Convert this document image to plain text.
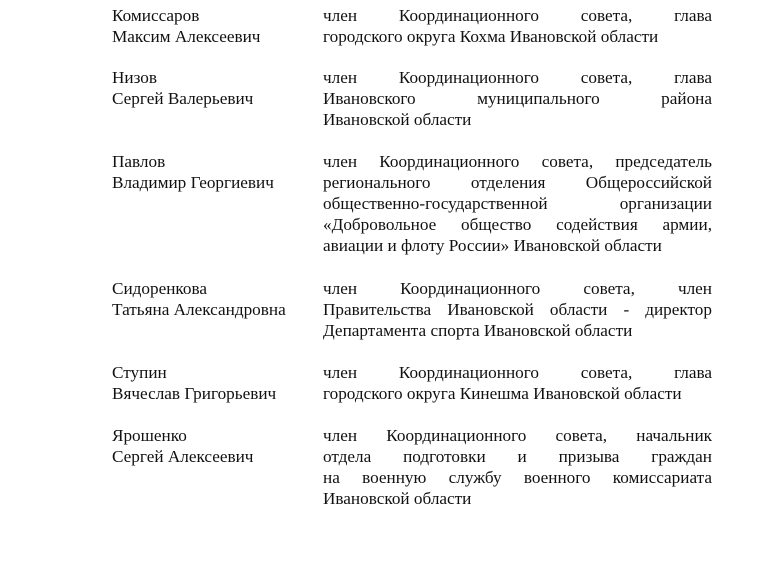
Комиссаров
Максим Алексеевич
член Координационного совета, глава
городского округа Кохма Ивановской области
Низов
Сергей Валерьевич
член Координационного совета, глава
Ивановского муниципального района
Ивановской области
Павлов
Владимир Георгиевич
член Координационного совета, председатель
регионального отделения Общероссийской
общественно-государственной организации
«Добровольное общество содействия армии,
авиации и флоту России» Ивановской области
Сидоренкова
Татьяна Александровна
член Координационного совета, член
Правительства Ивановской области - директор
Департамента спорта Ивановской области
Ступин
Вячеслав Григорьевич
член Координационного совета, глава
городского округа Кинешма Ивановской области
Ярошенко
Сергей Алексеевич
член Координационного совета, начальник
отдела подготовки и призыва граждан
на военную службу военного комиссариата
Ивановской области
